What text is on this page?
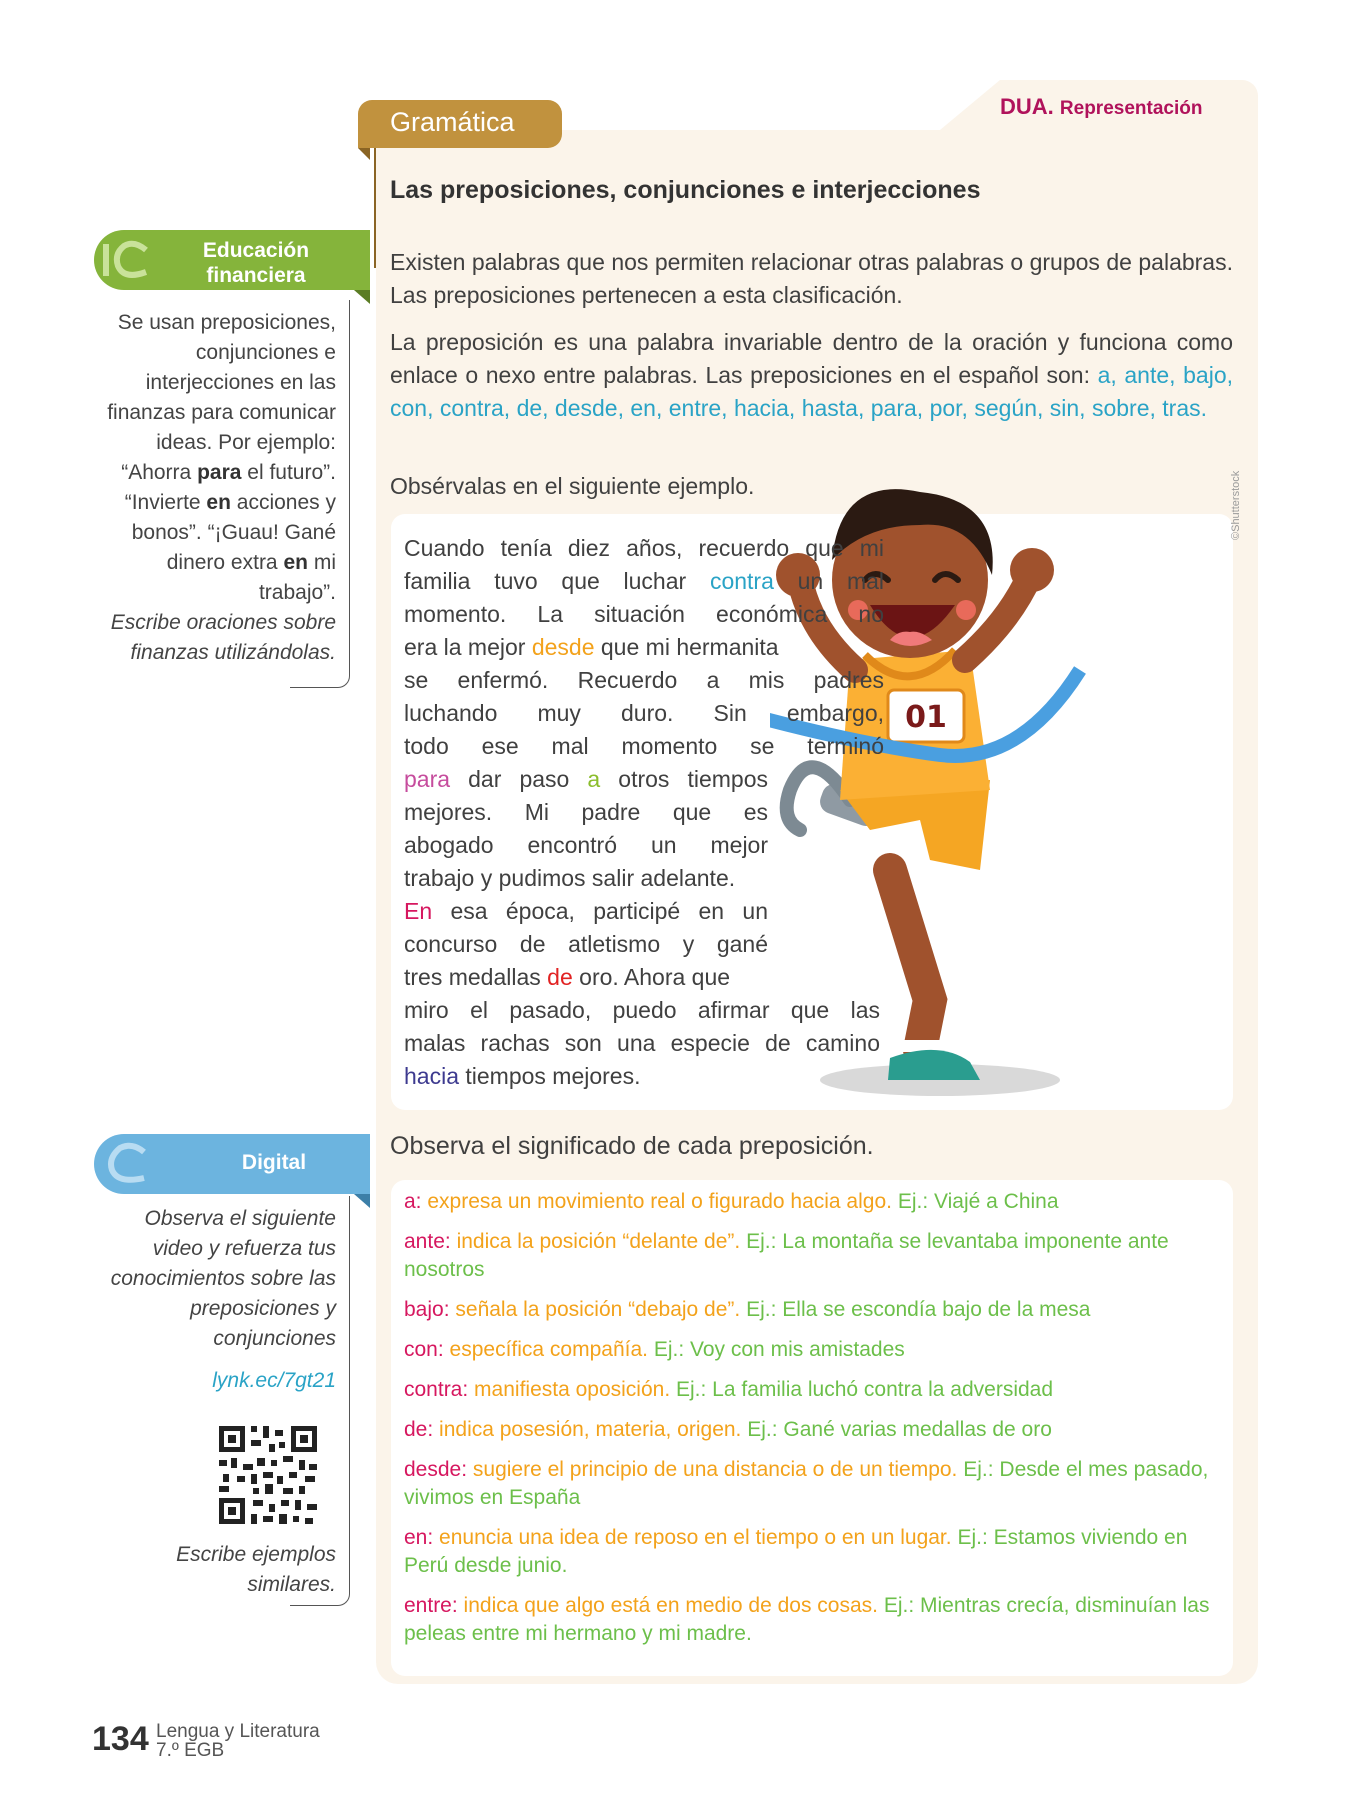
DUA. Representación
Gramática
Las preposiciones, conjunciones e interjecciones

Existen palabras que nos permiten relacionar otras palabras o grupos de palabras. Las preposiciones pertenecen a esta clasificación.

La preposición es una palabra invariable dentro de la oración y funciona como enlace o nexo entre palabras. Las preposiciones en el español son: a, ante, bajo, con, contra, de, desde, en, entre, hacia, hasta, para, por, según, sin, sobre, tras.

Obsérvalas en el siguiente ejemplo.

01
Cuando tenía diez años, recuerdo que mi
familia tuvo que luchar contra un mal
momento. La situación económica no
era la mejor desde que mi hermanita
se enfermó. Recuerdo a mis padres
luchando muy duro. Sin embargo,
todo ese mal momento se terminó
para dar paso a otros tiempos
mejores. Mi padre que es
abogado encontró un mejor
trabajo y pudimos salir adelante.
En esa época, participé en un
concurso de atletismo y gané
tres medallas de oro. Ahora que
miro el pasado, puedo afirmar que las
malas rachas son una especie de camino
hacia tiempos mejores.
©Shutterstock
Observa el significado de cada preposición.
a: expresa un movimiento real o figurado hacia algo. Ej.: Viajé a China
ante: indica la posición “delante de”. Ej.: La montaña se levantaba imponente ante nosotros
bajo: señala la posición “debajo de”. Ej.: Ella se escondía bajo de la mesa
con: específica compañía. Ej.: Voy con mis amistades
contra: manifiesta oposición. Ej.: La familia luchó contra la adversidad
de: indica posesión, materia, origen. Ej.: Gané varias medallas de oro
desde: sugiere el principio de una distancia o de un tiempo. Ej.: Desde el mes pasado, vivimos en España
en: enuncia una idea de reposo en el tiempo o en un lugar. Ej.: Estamos viviendo en Perú desde junio.
entre: indica que algo está en medio de dos cosas. Ej.: Mientras crecía, disminuían las peleas entre mi hermano y mi madre.
Educación
financiera
Se usan preposiciones, conjunciones e interjecciones en las finanzas para comunicar ideas. Por ejemplo: “Ahorra para el futuro”. “Invierte en acciones y bonos”. “¡Guau! Gané dinero extra en mi trabajo”.
Escribe oraciones sobre finanzas utilizándolas.
Digital
Observa el siguiente video y refuerza tus conocimientos sobre las preposiciones y conjunciones
lynk.ec/7gt21
Escribe ejemplos similares.
134 Lengua y Literatura
7.º EGB
